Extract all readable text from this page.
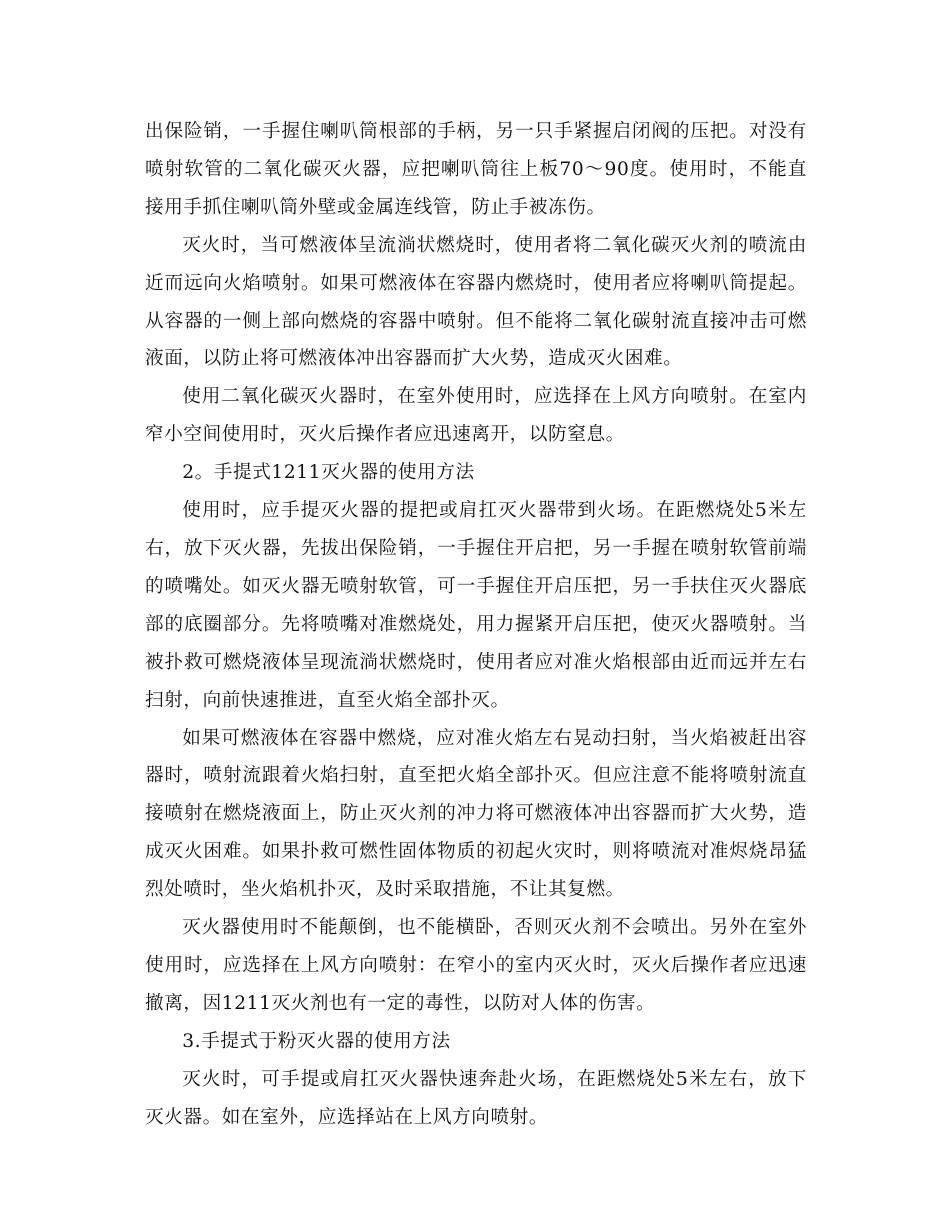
出保险销，一手握住喇叭筒根部的手柄，另一只手紧握启闭阀的压把。对没有喷射软管的二氧化碳灭火器，应把喇叭筒往上板70～90度。使用时，不能直接用手抓住喇叭筒外壁或金属连线管，防止手被冻伤。

灭火时，当可燃液体呈流淌状燃烧时，使用者将二氧化碳灭火剂的喷流由近而远向火焰喷射。如果可燃液体在容器内燃烧时，使用者应将喇叭筒提起。从容器的一侧上部向燃烧的容器中喷射。但不能将二氧化碳射流直接冲击可燃液面，以防止将可燃液体冲出容器而扩大火势，造成灭火困难。

使用二氧化碳灭火器时，在室外使用时，应选择在上风方向喷射。在室内窄小空间使用时，灭火后操作者应迅速离开，以防窒息。

2。手提式1211灭火器的使用方法

使用时，应手提灭火器的提把或肩扛灭火器带到火场。在距燃烧处5米左右，放下灭火器，先拔出保险销，一手握住开启把，另一手握在喷射软管前端的喷嘴处。如灭火器无喷射软管，可一手握住开启压把，另一手扶住灭火器底部的底圈部分。先将喷嘴对准燃烧处，用力握紧开启压把，使灭火器喷射。当被扑救可燃烧液体呈现流淌状燃烧时，使用者应对准火焰根部由近而远并左右扫射，向前快速推进，直至火焰全部扑灭。

如果可燃液体在容器中燃烧，应对准火焰左右晃动扫射，当火焰被赶出容器时，喷射流跟着火焰扫射，直至把火焰全部扑灭。但应注意不能将喷射流直接喷射在燃烧液面上，防止灭火剂的冲力将可燃液体冲出容器而扩大火势，造成灭火困难。如果扑救可燃性固体物质的初起火灾时，则将喷流对准烬烧昂猛烈处喷时，坐火焰机扑灭，及时采取措施，不让其复燃。

灭火器使用时不能颠倒，也不能横卧，否则灭火剂不会喷出。另外在室外使用时，应选择在上风方向喷射：在窄小的室内灭火时，灭火后操作者应迅速撤离，因1211灭火剂也有一定的毒性，以防对人体的伤害。

3.手提式于粉灭火器的使用方法

灭火时，可手提或肩扛灭火器快速奔赴火场，在距燃烧处5米左右，放下灭火器。如在室外，应选择站在上风方向喷射。
